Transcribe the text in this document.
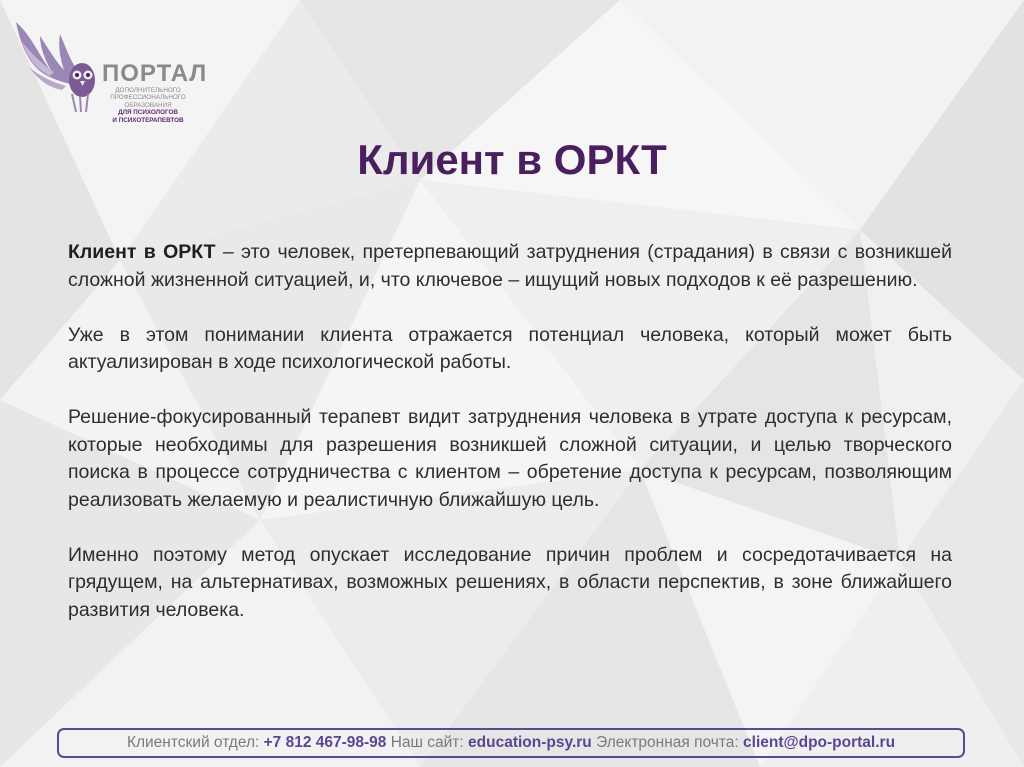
ПОРТАЛ
ДОПОЛНИТЕЛЬНОГО
ПРОФЕССИОНАЛЬНОГО
ОБРАЗОВАНИЯ
ДЛЯ ПСИХОЛОГОВ
И ПСИХОТЕРАПЕВТОВ
Клиент в ОРКТ

Клиент в ОРКТ – это человек, претерпевающий затруднения (страдания) в связи с возникшей сложной жизненной ситуацией, и, что ключевое – ищущий новых подходов к её разрешению.

Уже в этом понимании клиента отражается потенциал человека, который может быть актуализирован в ходе психологической работы.

Решение-фокусированный терапевт видит затруднения человека в утрате доступа к ресурсам, которые необходимы для разрешения возникшей сложной ситуации, и целью творческого поиска в процессе сотрудничества с клиентом – обретение доступа к ресурсам, позволяющим реализовать желаемую и реалистичную ближайшую цель.

Именно поэтому метод опускает исследование причин проблем и сосредотачивается на грядущем, на альтернативах, возможных решениях, в области перспектив, в зоне ближайшего развития человека.

Клиентский отдел: +7 812 467-98-98 Наш сайт: education-psy.ru Электронная почта: client@dpo-portal.ru
